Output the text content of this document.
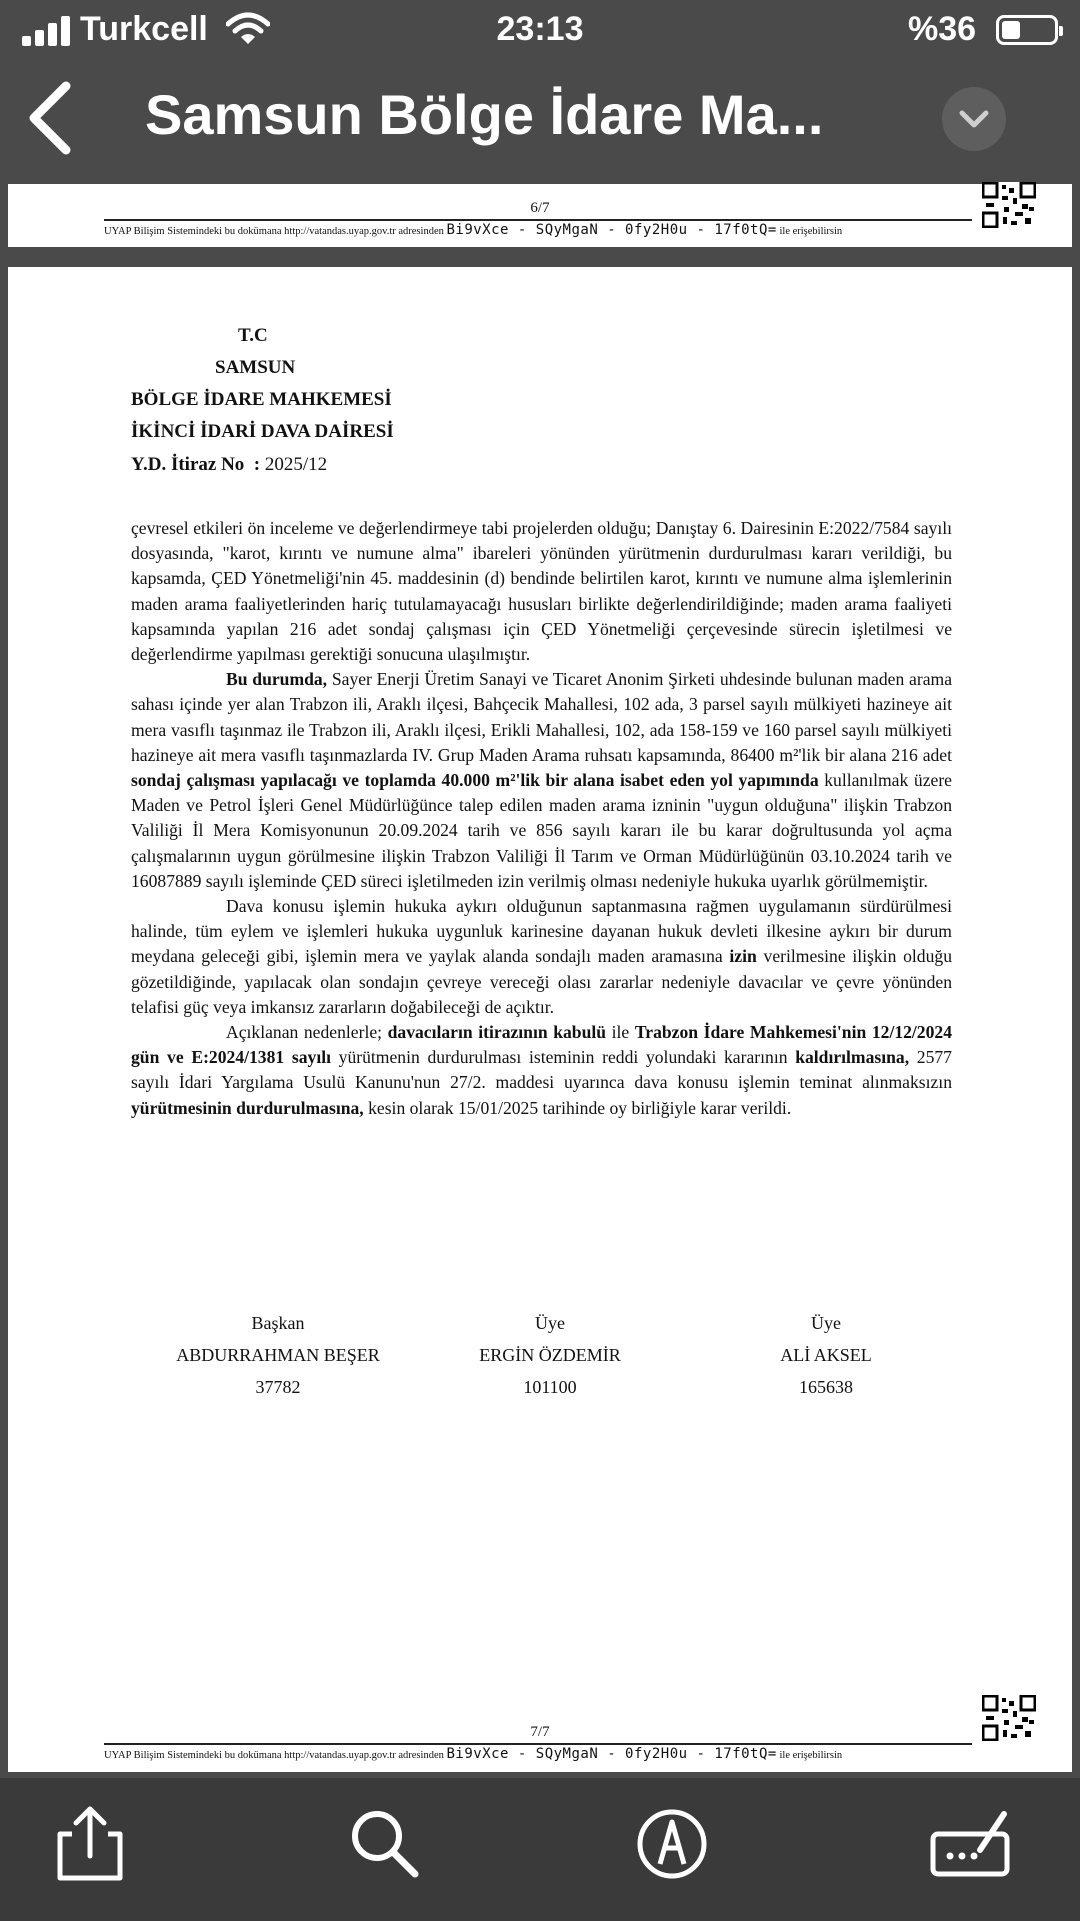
Turkcell	23:13	%36
Samsun Bölge İdare Ma...
6/7
UYAP Bilişim Sistemindeki bu dokümana http://vatandas.uyap.gov.tr adresinden Bi9vXce - SQyMgaN - 0fy2H0u - 17f0tQ= ile erişebilirsin
T.C
SAMSUN
BÖLGE İDARE MAHKEMESİ
İKİNCİ İDARİ DAVA DAİRESİ
Y.D. İtiraz No : 2025/12

çevresel etkileri ön inceleme ve değerlendirmeye tabi projelerden olduğu; Danıştay 6. Dairesinin E:2022/7584 sayılı dosyasında, "karot, kırıntı ve numune alma" ibareleri yönünden yürütmenin durdurulması kararı verildiği, bu kapsamda, ÇED Yönetmeliği'nin 45. maddesinin (d) bendinde belirtilen karot, kırıntı ve numune alma işlemlerinin maden arama faaliyetlerinden hariç tutulamayacağı hususları birlikte değerlendirildiğinde; maden arama faaliyeti kapsamında yapılan 216 adet sondaj çalışması için ÇED Yönetmeliği çerçevesinde sürecin işletilmesi ve değerlendirme yapılması gerektiği sonucuna ulaşılmıştır.

Bu durumda, Sayer Enerji Üretim Sanayi ve Ticaret Anonim Şirketi uhdesinde bulunan maden arama sahası içinde yer alan Trabzon ili, Araklı ilçesi, Bahçecik Mahallesi, 102 ada, 3 parsel sayılı mülkiyeti hazineye ait mera vasıflı taşınmaz ile Trabzon ili, Araklı ilçesi, Erikli Mahallesi, 102, ada 158-159 ve 160 parsel sayılı mülkiyeti hazineye ait mera vasıflı taşınmazlarda IV. Grup Maden Arama ruhsatı kapsamında, 86400 m²'lik bir alana 216 adet sondaj çalışması yapılacağı ve toplamda 40.000 m²'lik bir alana isabet eden yol yapımında kullanılmak üzere Maden ve Petrol İşleri Genel Müdürlüğünce talep edilen maden arama izninin "uygun olduğuna" ilişkin Trabzon Valiliği İl Mera Komisyonunun 20.09.2024 tarih ve 856 sayılı kararı ile bu karar doğrultusunda yol açma çalışmalarının uygun görülmesine ilişkin Trabzon Valiliği İl Tarım ve Orman Müdürlüğünün 03.10.2024 tarih ve 16087889 sayılı işleminde ÇED süreci işletilmeden izin verilmiş olması nedeniyle hukuka uyarlık görülmemiştir.

Dava konusu işlemin hukuka aykırı olduğunun saptanmasına rağmen uygulamanın sürdürülmesi halinde, tüm eylem ve işlemleri hukuka uygunluk karinesine dayanan hukuk devleti ilkesine aykırı bir durum meydana geleceği gibi, işlemin mera ve yaylak alanda sondajlı maden aramasına izin verilmesine ilişkin olduğu gözetildiğinde, yapılacak olan sondajın çevreye vereceği olası zararlar nedeniyle davacılar ve çevre yönünden telafisi güç veya imkansız zararların doğabileceği de açıktır.

Açıklanan nedenlerle; davacıların itirazının kabulü ile Trabzon İdare Mahkemesi'nin 12/12/2024 gün ve E:2024/1381 sayılı yürütmenin durdurulması isteminin reddi yolundaki kararının kaldırılmasına, 2577 sayılı İdari Yargılama Usulü Kanunu'nun 27/2. maddesi uyarınca dava konusu işlemin teminat alınmaksızın yürütmesinin durdurulmasına, kesin olarak 15/01/2025 tarihinde oy birliğiyle karar verildi.

Başkan
ABDURRAHMAN BEŞER
37782
Üye
ERGİN ÖZDEMİR
101100
Üye
ALİ AKSEL
165638
7/7
UYAP Bilişim Sistemindeki bu dokümana http://vatandas.uyap.gov.tr adresinden Bi9vXce - SQyMgaN - 0fy2H0u - 17f0tQ= ile erişebilirsin
